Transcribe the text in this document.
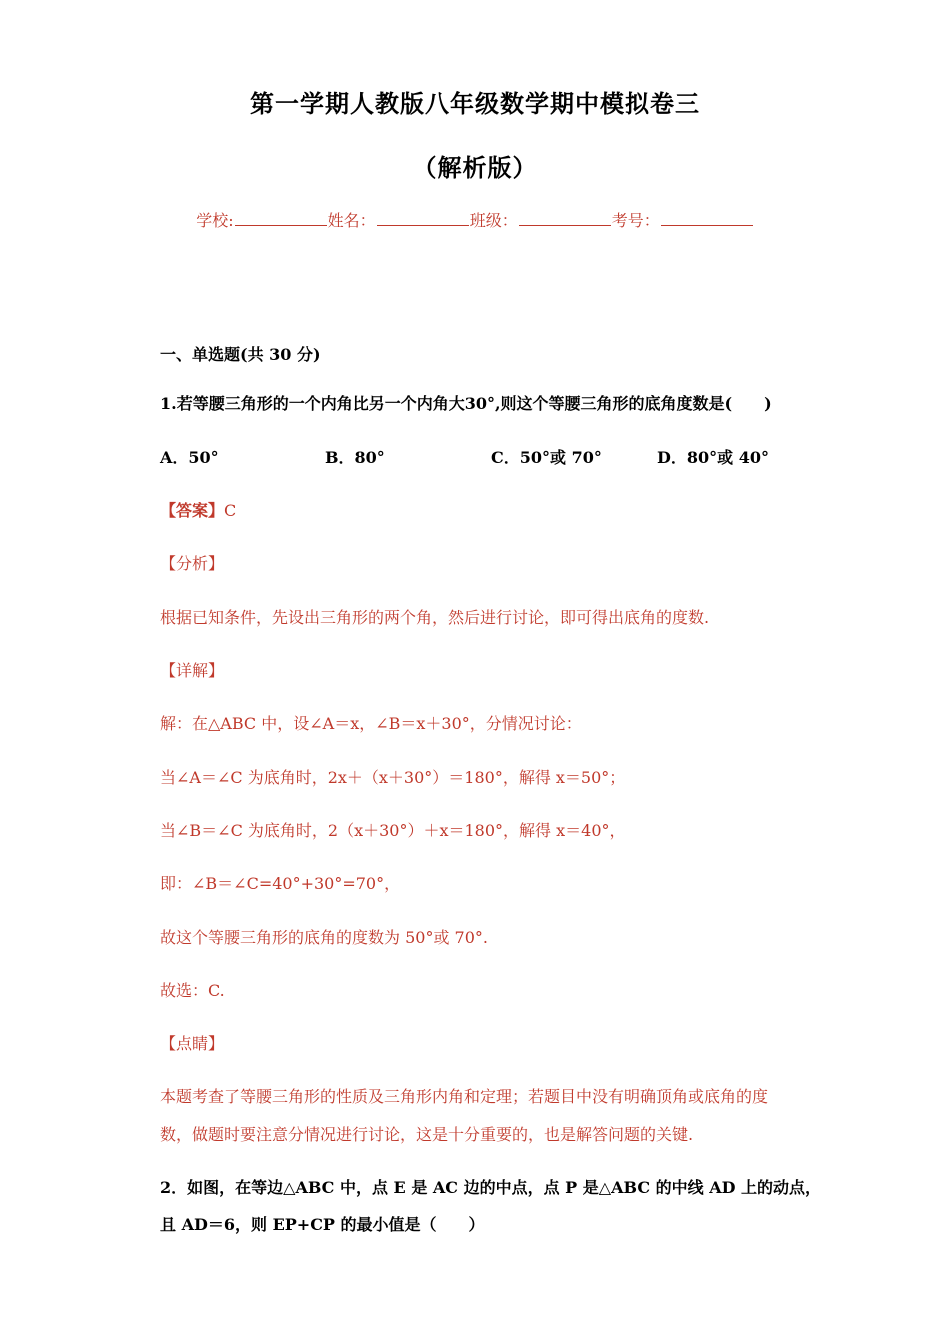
第一学期人教版八年级数学期中模拟卷三
（解析版）
学校:	姓名：	班级：	考号：
一、单选题(共 30 分)
1.若等腰三角形的一个内角比另一个内角大30°,则这个等腰三角形的底角度数是(　　)
A．50°	B．80°	C．50°或 70°	D．80°或 40°
【答案】C
【分析】
根据已知条件，先设出三角形的两个角，然后进行讨论，即可得出底角的度数.
【详解】
解：在△ABC 中，设∠A＝x，∠B＝x＋30°，分情况讨论：
当∠A＝∠C 为底角时，2x＋（x＋30°）＝180°，解得 x＝50°；
当∠B＝∠C 为底角时，2（x＋30°）＋x＝180°，解得 x＝40°，
即：∠B＝∠C=40°+30°=70°，
故这个等腰三角形的底角的度数为 50°或 70°.
故选：C.
【点睛】
本题考查了等腰三角形的性质及三角形内角和定理；若题目中没有明确顶角或底角的度
数，做题时要注意分情况进行讨论，这是十分重要的，也是解答问题的关键.
2．如图，在等边△ABC 中，点 E 是 AC 边的中点，点 P 是△ABC 的中线 AD 上的动点，
且 AD＝6，则 EP+CP 的最小值是（　　）
